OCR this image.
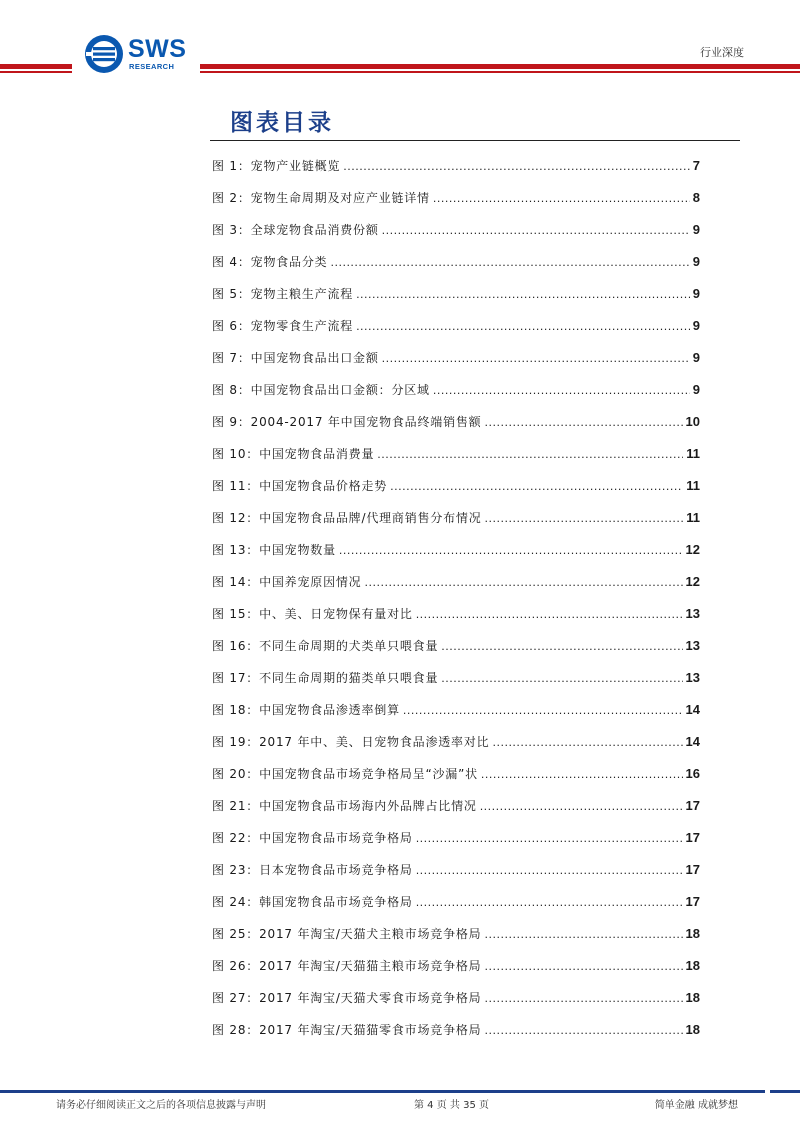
SWS
RESEARCH
行业深度
图表目录
图 1：宠物产业链概览 .....	7
图 2：宠物生命周期及对应产业链详情 .....	8
图 3：全球宠物食品消费份额 .....	9
图 4：宠物食品分类 .....	9
图 5：宠物主粮生产流程 .....	9
图 6：宠物零食生产流程 .....	9
图 7：中国宠物食品出口金额 .....	9
图 8：中国宠物食品出口金额：分区域 .....	9
图 9：2004-2017 年中国宠物食品终端销售额 .....	10
图 10：中国宠物食品消费量 .....	11
图 11：中国宠物食品价格走势 .....	11
图 12：中国宠物食品品牌/代理商销售分布情况 .....	11
图 13：中国宠物数量 .....	12
图 14：中国养宠原因情况 .....	12
图 15：中、美、日宠物保有量对比 .....	13
图 16：不同生命周期的犬类单只喂食量 .....	13
图 17：不同生命周期的猫类单只喂食量 .....	13
图 18：中国宠物食品渗透率倒算 .....	14
图 19：2017 年中、美、日宠物食品渗透率对比 .....	14
图 20：中国宠物食品市场竞争格局呈“沙漏”状 .....	16
图 21：中国宠物食品市场海内外品牌占比情况 .....	17
图 22：中国宠物食品市场竞争格局 .....	17
图 23：日本宠物食品市场竞争格局 .....	17
图 24：韩国宠物食品市场竞争格局 .....	17
图 25：2017 年淘宝/天猫犬主粮市场竞争格局 .....	18
图 26：2017 年淘宝/天猫猫主粮市场竞争格局 .....	18
图 27：2017 年淘宝/天猫犬零食市场竞争格局 .....	18
图 28：2017 年淘宝/天猫猫零食市场竞争格局 .....	18
请务必仔细阅读正文之后的各项信息披露与声明	第 4 页 共 35 页	简单金融 成就梦想
